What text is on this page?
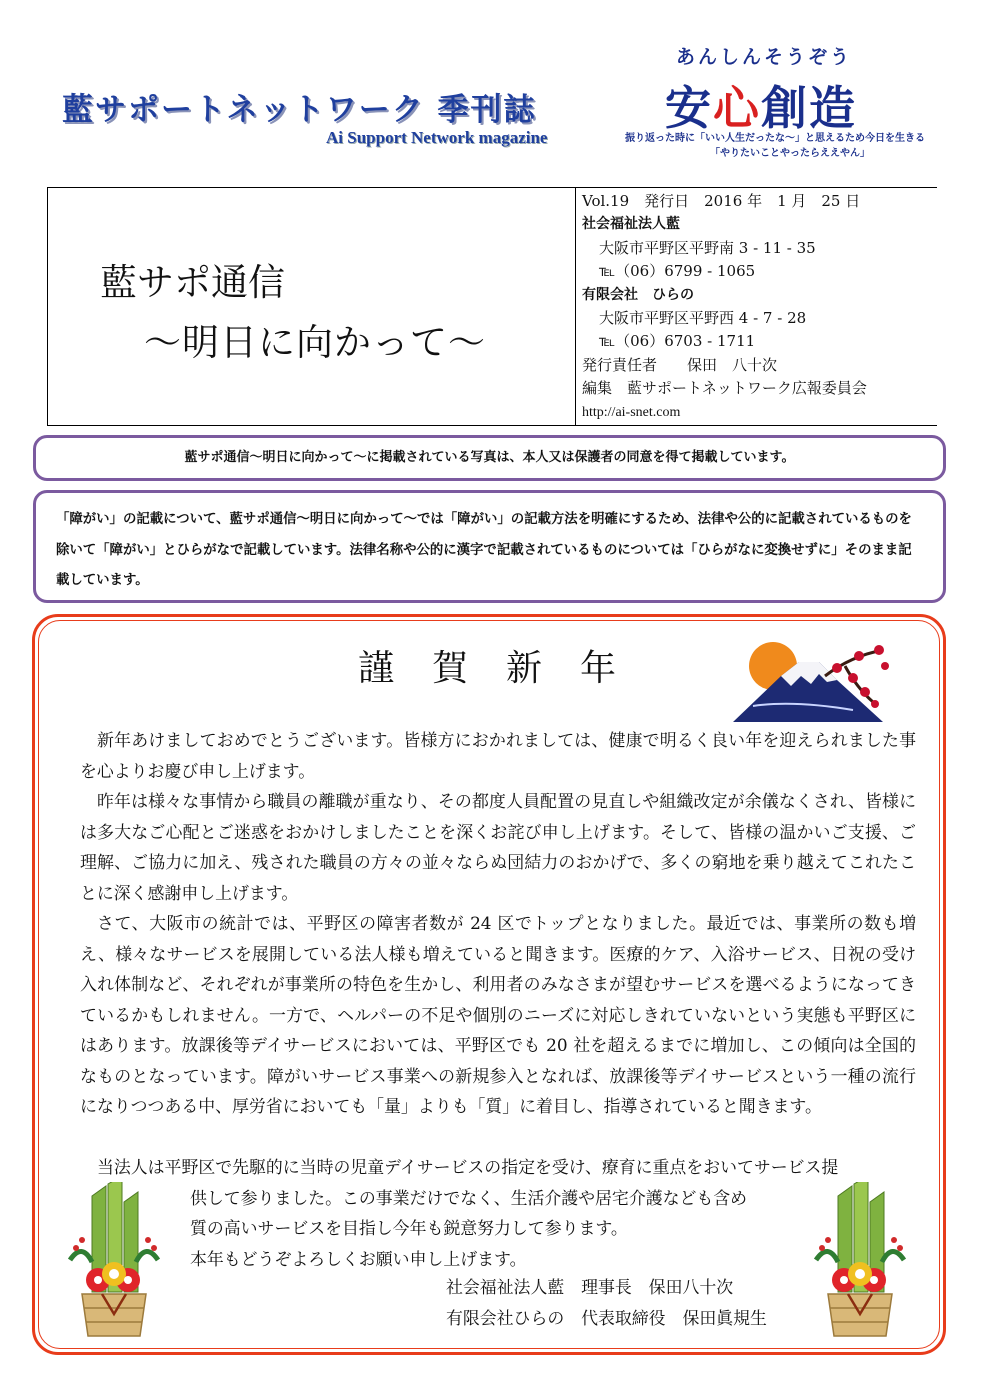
藍サポートネットワーク 季刊誌
Ai Support Network magazine
あんしんそうぞう
安心創造
振り返った時に「いい人生だったな～」と思えるため今日を生きる
「やりたいことやったらええやん」
藍サポ通信
～明日に向かって～
Vol.19　発行日　2016 年　1 月　25 日
社会福祉法人藍
大阪市平野区平野南 3 - 11 - 35
℡（06）6799 - 1065
有限会社　ひらの
大阪市平野区平野西 4 - 7 - 28
℡（06）6703 - 1711
発行責任者　　保田　八十次
編集　藍サポートネットワーク広報委員会
http://ai-snet.com
藍サポ通信～明日に向かって～に掲載されている写真は、本人又は保護者の同意を得て掲載しています。
「障がい」の記載について、藍サポ通信～明日に向かって～では「障がい」の記載方法を明確にするため、法律や公的に記載されているものを除いて「障がい」とひらがなで記載しています。法律名称や公的に漢字で記載されているものについては「ひらがなに変換せずに」そのまま記載しています。
謹賀新年
新年あけましておめでとうございます。皆様方におかれましては、健康で明るく良い年を迎えられました事を心よりお慶び申し上げます。
昨年は様々な事情から職員の離職が重なり、その都度人員配置の見直しや組織改定が余儀なくされ、皆様には多大なご心配とご迷惑をおかけしましたことを深くお詫び申し上げます。そして、皆様の温かいご支援、ご理解、ご協力に加え、残された職員の方々の並々ならぬ団結力のおかげで、多くの窮地を乗り越えてこれたことに深く感謝申し上げます。
さて、大阪市の統計では、平野区の障害者数が 24 区でトップとなりました。最近では、事業所の数も増え、様々なサービスを展開している法人様も増えていると聞きます。医療的ケア、入浴サービス、日祝の受け入れ体制など、それぞれが事業所の特色を生かし、利用者のみなさまが望むサービスを選べるようになってきているかもしれません。一方で、ヘルパーの不足や個別のニーズに対応しきれていないという実態も平野区にはあります。放課後等デイサービスにおいては、平野区でも 20 社を超えるまでに増加し、この傾向は全国的なものとなっています。障がいサービス事業への新規参入となれば、放課後等デイサービスという一種の流行になりつつある中、厚労省においても「量」よりも「質」に着目し、指導されていると聞きます。
当法人は平野区で先駆的に当時の児童デイサービスの指定を受け、療育に重点をおいてサービス提
供して参りました。この事業だけでなく、生活介護や居宅介護なども含め
質の高いサービスを目指し今年も鋭意努力して参ります。
本年もどうぞよろしくお願い申し上げます。
社会福祉法人藍　理事長　保田八十次
有限会社ひらの　代表取締役　保田眞規生
